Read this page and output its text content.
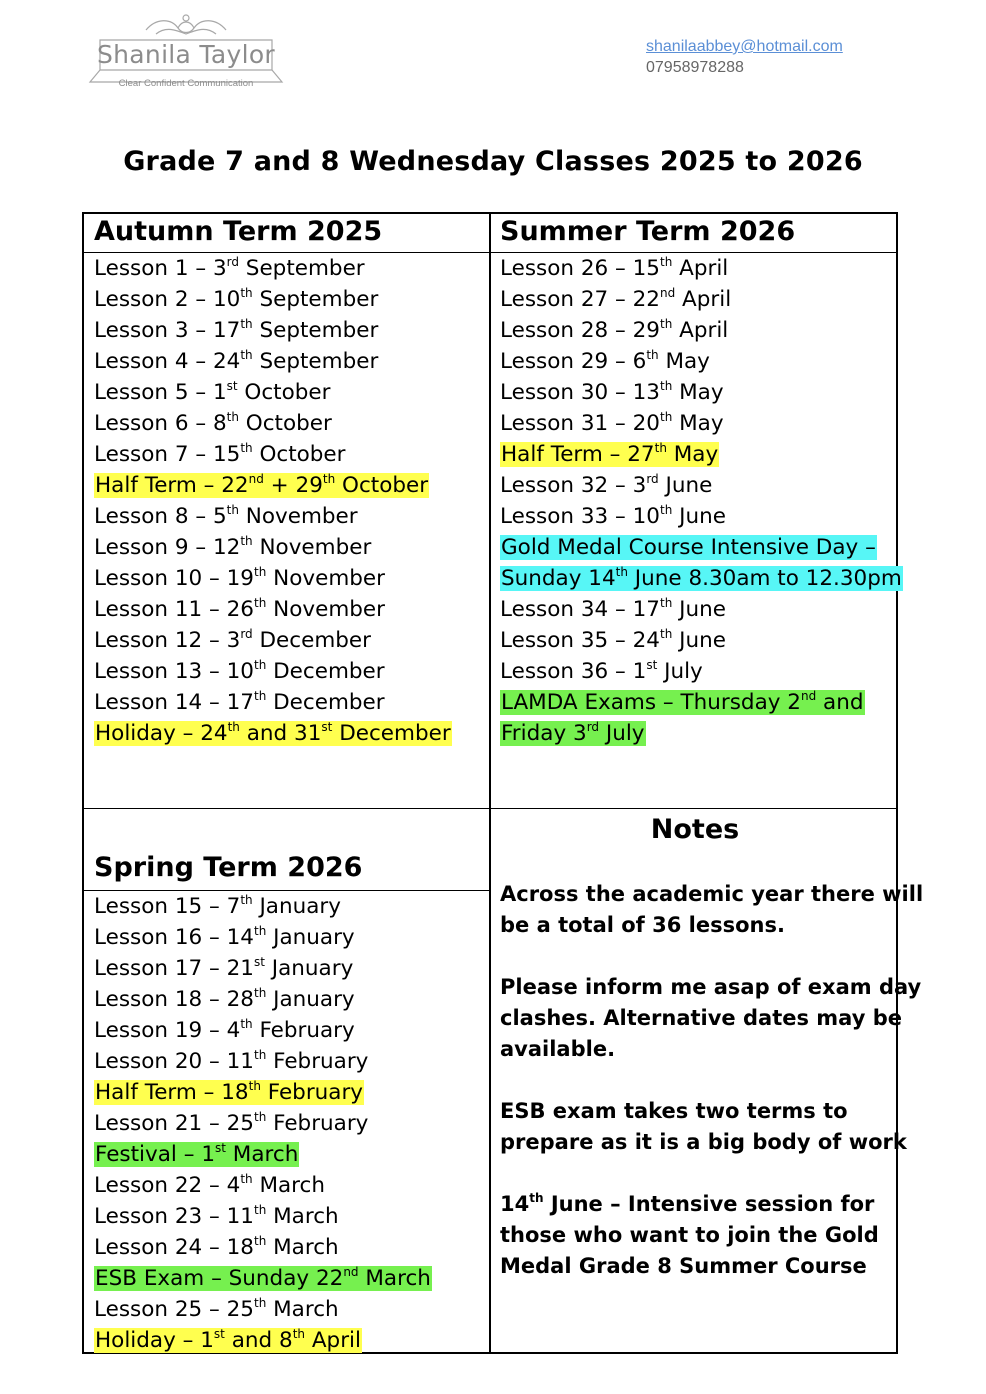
Shanila Taylor
Clear Confident Communication
shanilaabbey@hotmail.com
07958978288
Grade 7 and 8 Wednesday Classes 2025 to 2026
Autumn Term 2025	Summer Term 2026
Spring Term 2026
Notes
Lesson 1 – 3rd September
Lesson 2 – 10th September
Lesson 3 – 17th September
Lesson 4 – 24th September
Lesson 5 – 1st October
Lesson 6 – 8th October
Lesson 7 – 15th October
Half Term – 22nd + 29th October
Lesson 8 – 5th November
Lesson 9 – 12th November
Lesson 10 – 19th November
Lesson 11 – 26th November
Lesson 12 – 3rd December
Lesson 13 – 10th December
Lesson 14 – 17th December
Holiday – 24th and 31st December
Lesson 26 – 15th April
Lesson 27 – 22nd April
Lesson 28 – 29th April
Lesson 29 – 6th May
Lesson 30 – 13th May
Lesson 31 – 20th May
Half Term – 27th May
Lesson 32 – 3rd June
Lesson 33 – 10th June
Gold Medal Course Intensive Day –
Sunday 14th June 8.30am to 12.30pm
Lesson 34 – 17th June
Lesson 35 – 24th June
Lesson 36 – 1st July
LAMDA Exams – Thursday 2nd and
Friday 3rd July
Lesson 15 – 7th January
Lesson 16 – 14th January
Lesson 17 – 21st January
Lesson 18 – 28th January
Lesson 19 – 4th February
Lesson 20 – 11th February
Half Term – 18th February
Lesson 21 – 25th February
Festival – 1st March
Lesson 22 – 4th March
Lesson 23 – 11th March
Lesson 24 – 18th March
ESB Exam – Sunday 22nd March
Lesson 25 – 25th March
Holiday – 1st and 8th April
Across the academic year there will
be a total of 36 lessons.
Please inform me asap of exam day
clashes. Alternative dates may be
available.
ESB exam takes two terms to
prepare as it is a big body of work
14th June – Intensive session for
those who want to join the Gold
Medal Grade 8 Summer Course
